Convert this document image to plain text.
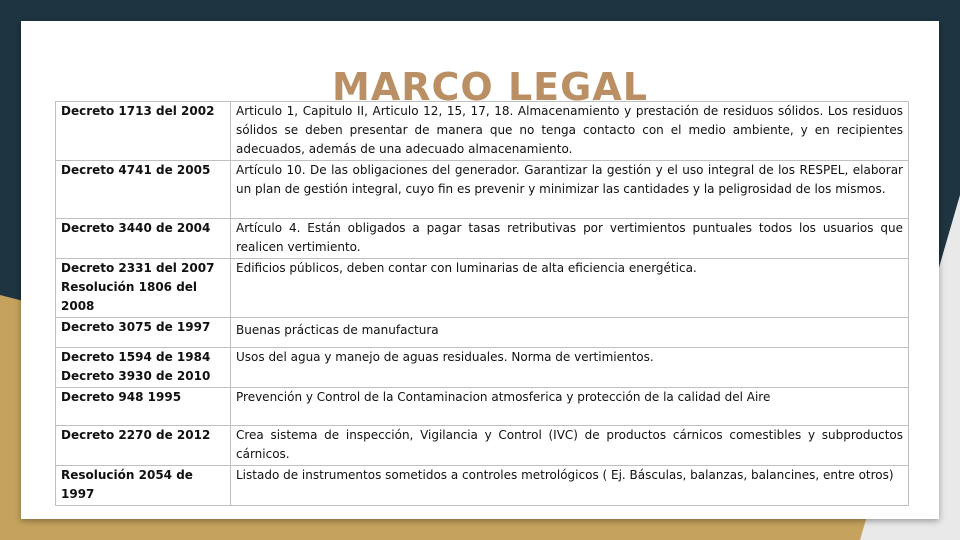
MARCO LEGAL
Decreto 1713 del 2002	Articulo 1, Capitulo II, Articulo 12, 15, 17, 18. Almacenamiento y prestación de residuos sólidos. Los residuos sólidos se deben presentar de manera que no tenga contacto con el medio ambiente, y en recipientes adecuados, además de una adecuado almacenamiento.

Decreto 4741 de 2005	Artículo 10. De las obligaciones del generador. Garantizar la gestión y el uso integral de los RESPEL, elaborar un plan de gestión integral, cuyo fin es prevenir y minimizar las cantidades y la peligrosidad de los mismos.

Decreto 3440 de 2004	Artículo 4. Están obligados a pagar tasas retributivas por vertimientos puntuales todos los usuarios que realicen vertimiento.

Decreto 2331 del 2007
Resolución 1806 del 2008	Edificios públicos, deben contar con luminarias de alta eficiencia energética.

Decreto 3075 de 1997	Buenas prácticas de manufactura

Decreto 1594 de 1984
Decreto 3930 de 2010	Usos del agua y manejo de aguas residuales. Norma de vertimientos.

Decreto 948 1995	Prevención y Control de la Contaminacion atmosferica y protección de la calidad del Aire

Decreto 2270 de 2012	Crea sistema de inspección, Vigilancia y Control (IVC) de productos cárnicos comestibles y subproductos cárnicos.

Resolución 2054 de 1997	Listado de instrumentos sometidos a controles metrológicos ( Ej. Básculas, balanzas, balancines, entre otros)
